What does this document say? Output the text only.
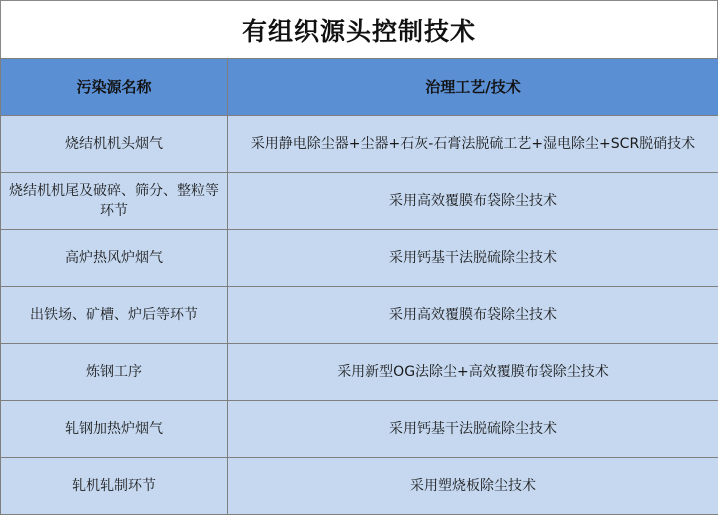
有组织源头控制技术
污染源名称	治理工艺/技术
烧结机机头烟气	采用静电除尘器+尘器+石灰-石膏法脱硫工艺+湿电除尘+SCR脱硝技术
烧结机机尾及破碎、筛分、整粒等环节	采用高效覆膜布袋除尘技术
高炉热风炉烟气	采用钙基干法脱硫除尘技术
出铁场、矿槽、炉后等环节	采用高效覆膜布袋除尘技术
炼钢工序	采用新型OG法除尘+高效覆膜布袋除尘技术
轧钢加热炉烟气	采用钙基干法脱硫除尘技术
轧机轧制环节	采用塑烧板除尘技术
